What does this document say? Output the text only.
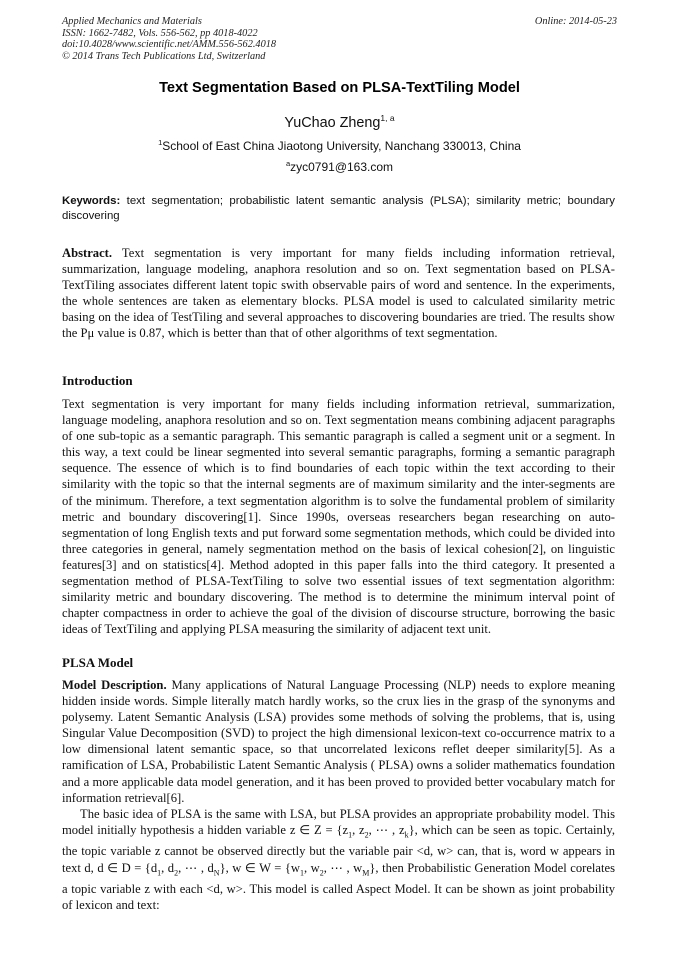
Applied Mechanics and Materials
ISSN: 1662-7482, Vols. 556-562, pp 4018-4022
doi:10.4028/www.scientific.net/AMM.556-562.4018
© 2014 Trans Tech Publications Ltd, Switzerland
Online: 2014-05-23
Text Segmentation Based on PLSA-TextTiling Model
YuChao Zheng$^{1, a}$
$^1$School of East China Jiaotong University, Nanchang 330013, China
$^a$zyc0791@163.com
Keywords: text segmentation; probabilistic latent semantic analysis (PLSA); similarity metric; boundary discovering

Abstract. Text segmentation is very important for many fields including information retrieval, summarization, language modeling, anaphora resolution and so on. Text segmentation based on PLSA-TextTiling associates different latent topic swith observable pairs of word and sentence. In the experiments, the whole sentences are taken as elementary blocks. PLSA model is used to calculated similarity metric basing on the idea of TestTiling and several approaches to discovering boundaries are tried. The results show the Pμ value is 0.87, which is better than that of other algorithms of text segmentation.

Introduction

Text segmentation is very important for many fields including information retrieval, summarization, language modeling, anaphora resolution and so on. Text segmentation means combining adjacent paragraphs of one sub-topic as a semantic paragraph. This semantic paragraph is called a segment unit or a segment. In this way, a text could be linear segmented into several semantic paragraphs, forming a semantic paragraph sequence. The essence of which is to find boundaries of each topic within the text according to their similarity with the topic so that the internal segments are of maximum similarity and the inter-segments are of the minimum. Therefore, a text segmentation algorithm is to solve the fundamental problem of similarity metric and boundary discovering[1]. Since 1990s, overseas researchers began researching on auto-segmentation of long English texts and put forward some segmentation methods, which could be divided into three categories in general, namely segmentation method on the basis of lexical cohesion[2], on linguistic features[3] and on statistics[4]. Method adopted in this paper falls into the third category. It presented a segmentation method of PLSA-TextTiling to solve two essential issues of text segmentation algorithm: similarity metric and boundary discovering. The method is to determine the minimum interval point of chapter compactness in order to achieve the goal of the division of discourse structure, borrowing the basic ideas of TextTiling and applying PLSA measuring the similarity of adjacent text unit.

PLSA Model

Model Description. Many applications of Natural Language Processing (NLP) needs to explore meaning hidden inside words. Simple literally match hardly works, so the crux lies in the grasp of the synonyms and polysemy. Latent Semantic Analysis (LSA) provides some methods of solving the problems, that is, using Singular Value Decomposition (SVD) to project the high dimensional lexicon-text co-occurrence matrix to a low dimensional latent semantic space, so that uncorrelated lexicons reflet deeper similarity[5]. As a ramification of LSA, Probabilistic Latent Semantic Analysis ( PLSA) owns a solider mathematics foundation and a more applicable data model generation, and it has been proved to provided better vocabulary match for information retrieval[6].

The basic idea of PLSA is the same with LSA, but PLSA provides an appropriate probability model. This model initially hypothesis a hidden variable z ∈ $Z = \{z_1$, $z_2$, ⋯ , $z_k$}, which can be seen as topic. Certainly, the topic variable z cannot be observed directly but the variable pair <d, w> can, that is, word w appears in text d, d ∈ $D = \{d_1$, $d_2$, ⋯ , $d_N$}, w ∈ $W = \{w_1$, $w_2$, ⋯ , $w_M$}, then Probabilistic Generation Model corelates a topic variable z with each <d, w>. This model is called Aspect Model. It can be shown as joint probability of lexicon and text:
